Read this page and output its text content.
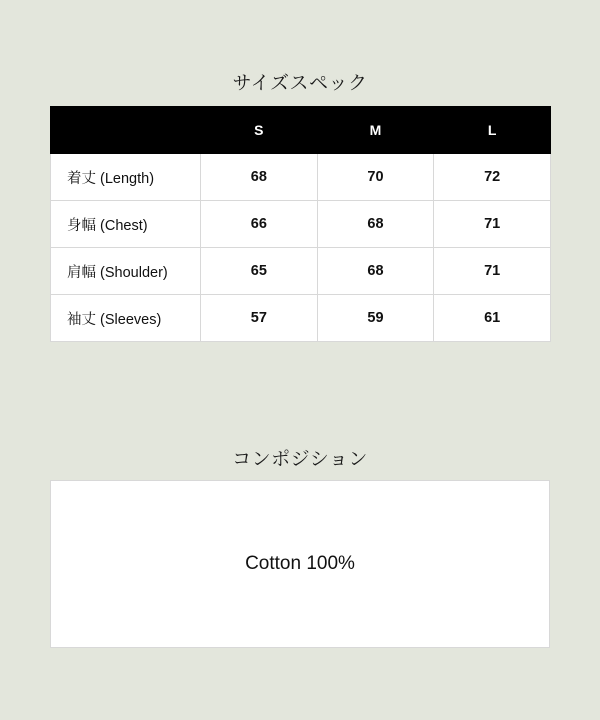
サイズスペック
	S	M	L
着丈 (Length)	68	70	72
身幅 (Chest)	66	68	71
肩幅 (Shoulder)	65	68	71
袖丈 (Sleeves)	57	59	61
コンポジション
Cotton 100%
